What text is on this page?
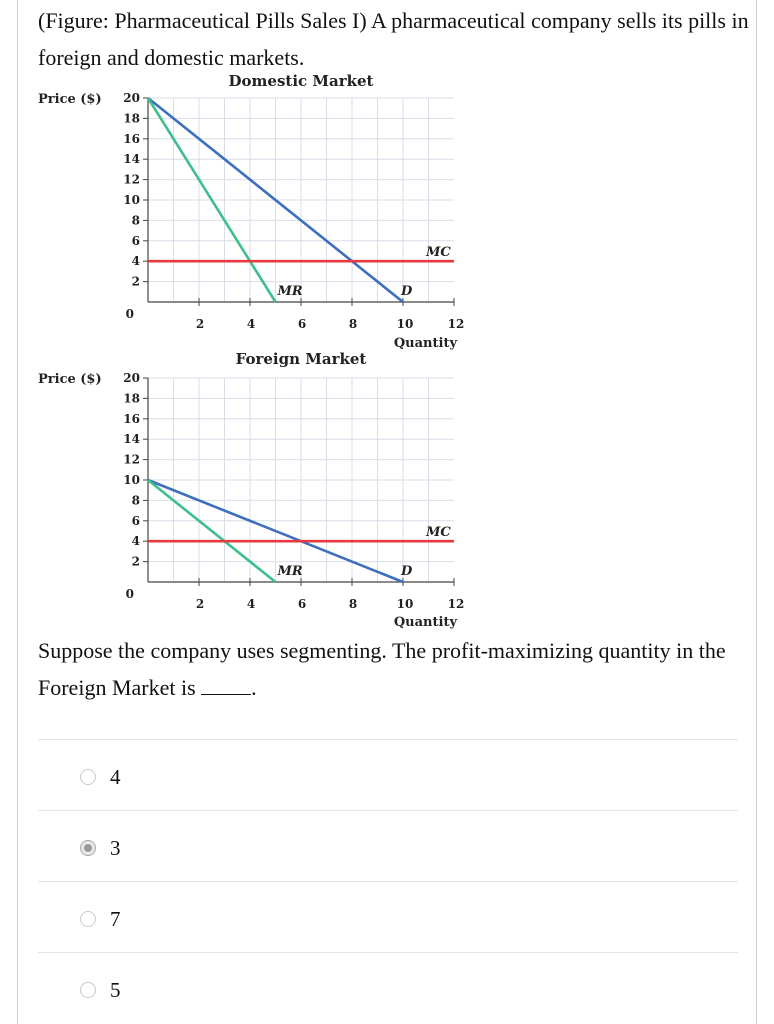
(Figure: Pharmaceutical Pills Sales I) A pharmaceutical company sells its pills in foreign and domestic markets.
Domestic Market
Price ($)
Quantity
0
2
4
6
8
10
12
14
16
18
20
2	4	6	8	10	12
D
MR
MC
Foreign Market
Price ($)
Quantity
0
2
4
6
8
10
12
14
16
18
20
2	4	6	8	10	12
D
MR
MC
Suppose the company uses segmenting. The profit-maximizing quantity in the Foreign Market is	.
4
3
7
5
